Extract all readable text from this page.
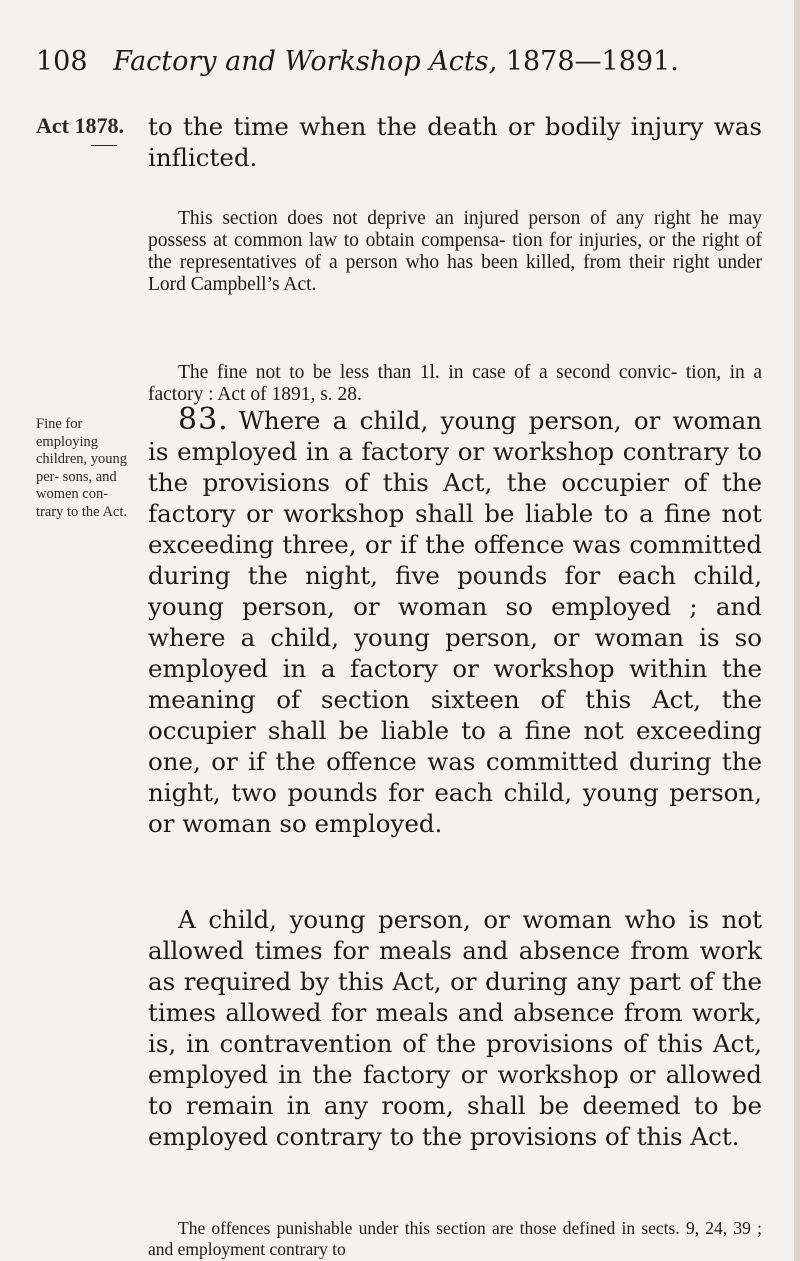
108 Factory and Workshop Acts, 1878—1891.
Act 1878.
Fine for employing children, young per- sons, and women con- trary to the Act.

to the time when the death or bodily injury was inflicted.

This section does not deprive an injured person of any right he may possess at common law to obtain compensa- tion for injuries, or the right of the representatives of a person who has been killed, from their right under Lord Campbell’s Act.

The fine not to be less than 1l. in case of a second convic- tion, in a factory : Act of 1891, s. 28.

83. Where a child, young person, or woman is employed in a factory or workshop contrary to the provisions of this Act, the occupier of the factory or workshop shall be liable to a fine not exceeding three, or if the offence was committed during the night, five pounds for each child, young person, or woman so employed ; and where a child, young person, or woman is so employed in a factory or workshop within the meaning of section sixteen of this Act, the occupier shall be liable to a fine not exceeding one, or if the offence was committed during the night, two pounds for each child, young person, or woman so employed.

A child, young person, or woman who is not allowed times for meals and absence from work as required by this Act, or during any part of the times allowed for meals and absence from work, is, in contravention of the provisions of this Act, employed in the factory or workshop or allowed to remain in any room, shall be deemed to be employed contrary to the provisions of this Act.

The offences punishable under this section are those defined in sects. 9, 24, 39 ; and employment contrary to
